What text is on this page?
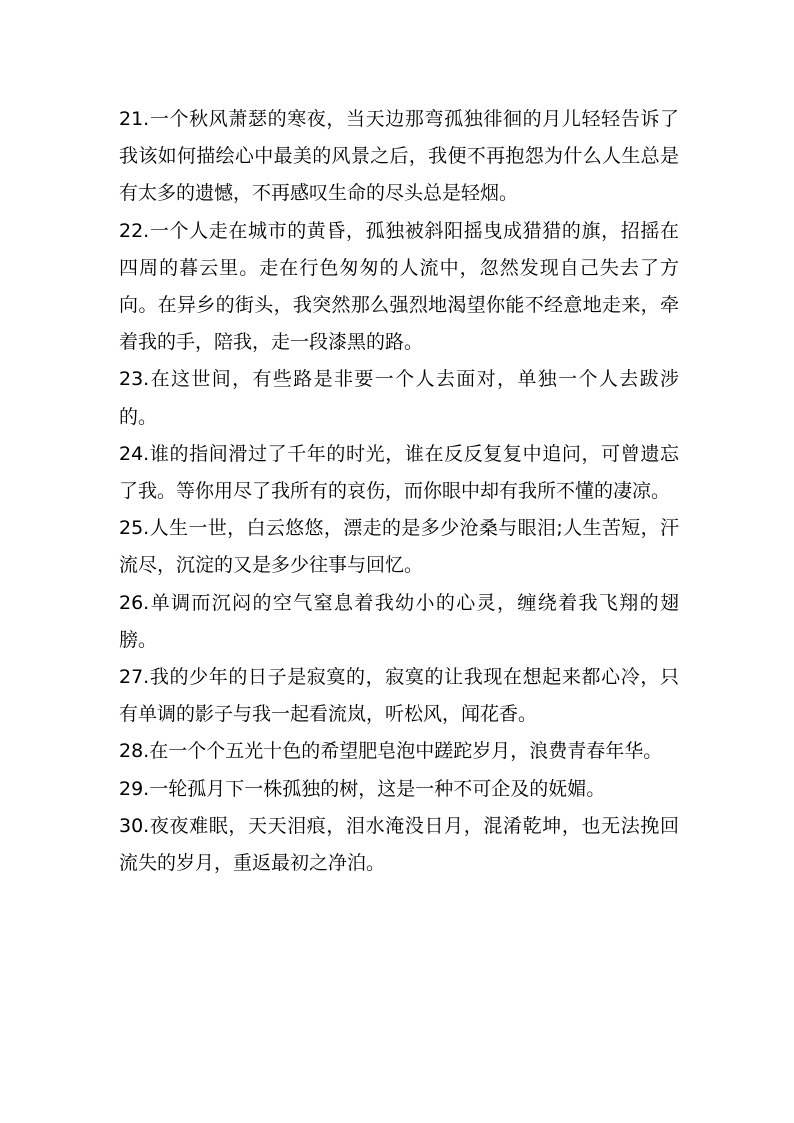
21.一个秋风萧瑟的寒夜，当天边那弯孤独徘徊的月儿轻轻告诉了我该如何描绘心中最美的风景之后，我便不再抱怨为什么人生总是有太多的遗憾，不再感叹生命的尽头总是轻烟。

22.一个人走在城市的黄昏，孤独被斜阳摇曳成猎猎的旗，招摇在四周的暮云里。走在行色匆匆的人流中，忽然发现自己失去了方向。在异乡的街头，我突然那么强烈地渴望你能不经意地走来，牵着我的手，陪我，走一段漆黑的路。

23.在这世间，有些路是非要一个人去面对，单独一个人去跋涉的。

24.谁的指间滑过了千年的时光，谁在反反复复中追问，可曾遗忘了我。等你用尽了我所有的哀伤，而你眼中却有我所不懂的凄凉。

25.人生一世，白云悠悠，漂走的是多少沧桑与眼泪;人生苦短，汗流尽，沉淀的又是多少往事与回忆。

26.单调而沉闷的空气窒息着我幼小的心灵，缠绕着我飞翔的翅膀。

27.我的少年的日子是寂寞的，寂寞的让我现在想起来都心冷，只有单调的影子与我一起看流岚，听松风，闻花香。

28.在一个个五光十色的希望肥皂泡中蹉跎岁月，浪费青春年华。

29.一轮孤月下一株孤独的树，这是一种不可企及的妩媚。

30.夜夜难眠，天天泪痕，泪水淹没日月，混淆乾坤，也无法挽回流失的岁月，重返最初之净泊。
